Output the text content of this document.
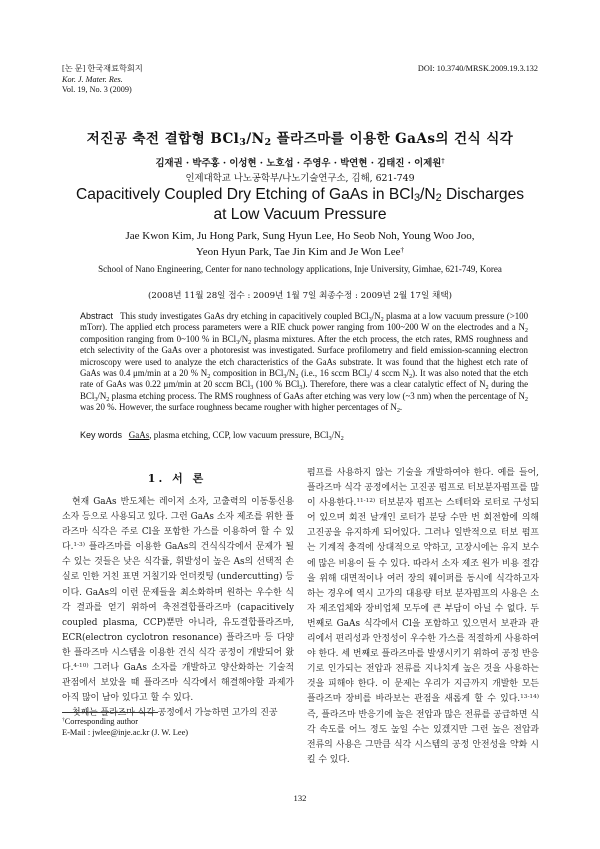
[논 문] 한국재료학회지
Kor. J. Mater. Res.
Vol. 19, No. 3 (2009)
DOI: 10.3740/MRSK.2009.19.3.132
저진공 축전 결합형 $BCl_3/N_2$ 플라즈마를 이용한 GaAs의 건식 식각
김재권 · 박주홍 · 이성현 · 노호섭 · 주영우 · 박연현 · 김태진 · 이제원†
인제대학교 나노공학부/나노기술연구소, 김해, 621-749
Capacitively Coupled Dry Etching of GaAs in $BCl_3/N_2$ Discharges
at Low Vacuum Pressure
Jae Kwon Kim, Ju Hong Park, Sung Hyun Lee, Ho Seob Noh, Young Woo Joo,
Yeon Hyun Park, Tae Jin Kim and Je Won Lee†
School of Nano Engineering, Center for nano technology applications, Inje University, Gimhae, 621-749, Korea
(2008년 11월 28일 접수 : 2009년 1월 7일 최종수정 : 2009년 2월 17일 채택)
Abstract This study investigates GaAs dry etching in capacitively coupled $BCl_3/N_2$ plasma at a low vacuum pressure (>100 mTorr). The applied etch process parameters were a RIE chuck power ranging from 100~200 W on the electrodes and a $N_2$ composition ranging from 0~100 % in $BCl_3/N_2$ plasma mixtures. After the etch process, the etch rates, RMS roughness and etch selectivity of the GaAs over a photoresist was investigated. Surface profilometry and field emission-scanning electron microscopy were used to analyze the etch characteristics of the GaAs substrate. It was found that the highest etch rate of GaAs was 0.4 μm/min at a 20 % $N_2$ composition in $BCl_3/N_2$ (i.e., 16 sccm BCl$_3$/ 4 sccm $N_2$). It was also noted that the etch rate of GaAs was 0.22 μm/min at 20 sccm BCl$_3$ (100 % BCl$_3$). Therefore, there was a clear catalytic effect of $N_2$ during the $BCl_3/N_2$ plasma etching process. The RMS roughness of GaAs after etching was very low (~3 nm) when the percentage of $N_2$ was 20 %. However, the surface roughness became rougher with higher percentages of $N_2$.
Key words GaAs, plasma etching, CCP, low vacuum pressure, $BCl_3/N_2$
1. 서 론

현재 GaAs 반도체는 레이저 소자, 고출력의 이동통신용 소자 등으로 사용되고 있다. 그런 GaAs 소자 제조를 위한 플라즈마 식각은 주로 Cl을 포함한 가스를 이용하여 할 수 있다.$^{1-3)}$ 플라즈마를 이용한 GaAs의 건식식각에서 문제가 될 수 있는 것들은 낮은 식각률, 휘발성이 높은 As의 선택적 손실로 인한 거친 표면 거칠기와 언더컷팅 (undercutting) 등이다. GaAs의 이런 문제들을 최소화하며 원하는 우수한 식각 결과를 얻기 위하여 축전결합플라즈마 (capacitively coupled plasma, CCP)뿐만 아니라, 유도결합플라즈마, ECR(electron cyclotron resonance) 플라즈마 등 다양한 플라즈마 시스템을 이용한 건식 식각 공정이 개발되어 왔다.$^{4-10)}$ 그러나 GaAs 소자를 개발하고 양산화하는 기술적 관점에서 보았을 때 플라즈마 식각에서 해결해야할 과제가 아직 많이 남아 있다고 할 수 있다.

첫째는 플라즈마 식각 공정에서 가능하면 고가의 진공

펌프를 사용하지 않는 기술을 개발하여야 한다. 예를 들어, 플라즈마 식각 공정에서는 고진공 펌프로 터보분자펌프를 많이 사용한다.$^{11-12)}$ 터보분자 펌프는 스테터와 로터로 구성되어 있으며 회전 날개인 로터가 분당 수만 번 회전함에 의해 고진공을 유지하게 되어있다. 그러나 일반적으로 터보 펌프는 기계적 충격에 상대적으로 약하고, 고장시에는 유지 보수에 많은 비용이 들 수 있다. 따라서 소자 제조 원가 비용 절감을 위해 대면적이나 여러 장의 웨이퍼를 동시에 식각하고자 하는 경우에 역시 고가의 대용량 터보 분자펌프의 사용은 소자 제조업체와 장비업체 모두에 큰 부담이 아닐 수 없다. 두 번째로 GaAs 식각에서 Cl을 포함하고 있으면서 보관과 관리에서 편리성과 안정성이 우수한 가스를 적절하게 사용하여야 한다. 세 번째로 플라즈마를 발생시키기 위하여 공정 반응기로 인가되는 전압과 전류를 지나치게 높은 것을 사용하는 것을 피해야 한다. 이 문제는 우리가 지금까지 개발한 모든 플라즈마 장비를 바라보는 관점을 새롭게 할 수 있다.$^{13-14)}$ 즉, 플라즈마 반응기에 높은 전압과 많은 전류를 공급하면 식각 속도를 어느 정도 높일 수는 있겠지만 그런 높은 전압과 전류의 사용은 그만큼 식각 시스템의 공정 안전성을 약화 시킬 수 있다.

†Corresponding author
E-Mail : jwlee@inje.ac.kr (J. W. Lee)
132
